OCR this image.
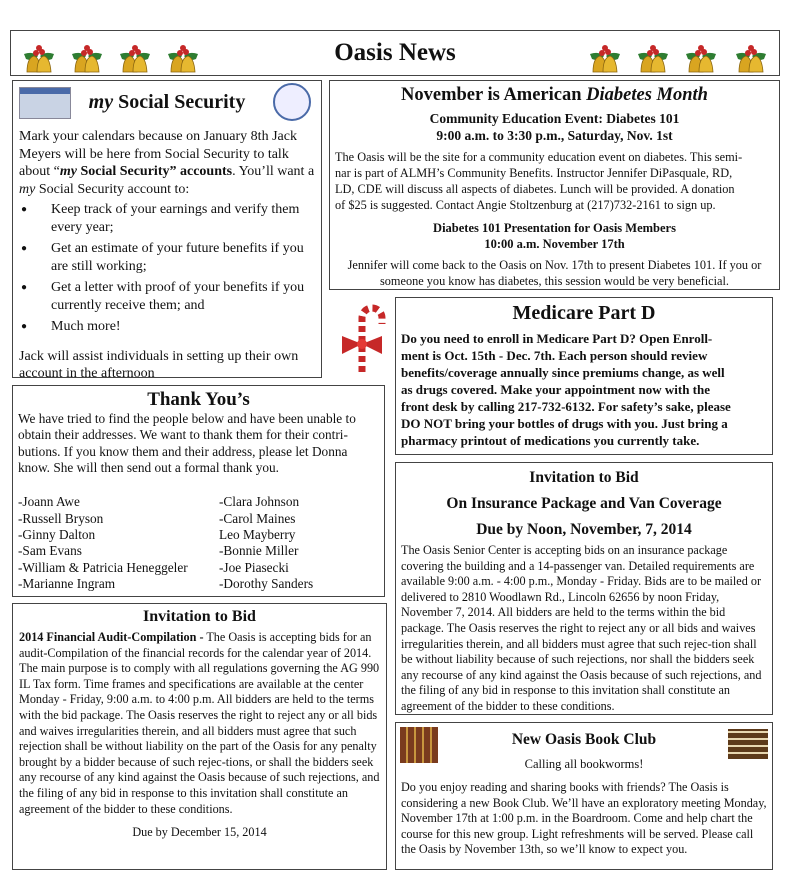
Oasis News
my Social Security

Mark your calendars because on January 8th Jack Meyers will be here from Social Security to talk about “my Social Security” accounts. You’ll want a my Social Security account to:

● Keep track of your earnings and verify them every year;
● Get an estimate of your future benefits if you are still working;
● Get a letter with proof of your benefits if you currently receive them; and
● Much more!

Jack will assist individuals in setting up their own account in the afternoon

November is American Diabetes Month
Community Education Event: Diabetes 101
9:00 a.m. to 3:30 p.m., Saturday, Nov. 1st

The Oasis will be the site for a community education event on diabetes. This semi-
nar is part of ALMH’s Community Benefits. Instructor Jennifer DiPasquale, RD,
LD, CDE will discuss all aspects of diabetes. Lunch will be provided. A donation
of $25 is suggested. Contact Angie Stoltzenburg at (217)732-2161 to sign up.

Diabetes 101 Presentation for Oasis Members
10:00 a.m. November 17th

Jennifer will come back to the Oasis on Nov. 17th to present Diabetes 101. If you or
someone you know has diabetes, this session would be very beneficial.

Medicare Part D

Do you need to enroll in Medicare Part D? Open Enroll-
ment is Oct. 15th - Dec. 7th. Each person should review
benefits/coverage annually since premiums change, as well
as drugs covered. Make your appointment now with the
front desk by calling 217-732-6132. For safety’s sake, please
DO NOT bring your bottles of drugs with you. Just bring a
pharmacy printout of medications you currently take.

Thank You’s

We have tried to find the people below and have been unable to
obtain their addresses. We want to thank them for their contri-
butions. If you know them and their address, please let Donna
know. She will then send out a formal thank you.

-Joann Awe
-Russell Bryson
-Ginny Dalton
-Sam Evans
-William & Patricia Heneggeler
-Marianne Ingram
-Clara Johnson
-Carol Maines
Leo Mayberry
-Bonnie Miller
-Joe Piasecki
-Dorothy Sanders
Invitation to Bid

2014 Financial Audit-Compilation - The Oasis is accepting bids for an audit-Compilation of the financial records for the calendar year of 2014. The main purpose is to comply with all regulations governing the AG 990 IL Tax form. Time frames and specifications are available at the center Monday - Friday, 9:00 a.m. to 4:00 p.m. All bidders are held to the terms with the bid package. The Oasis reserves the right to reject any or all bids and waives irregularities therein, and all bidders must agree that such rejection shall be without liability on the part of the Oasis for any penalty brought by a bidder because of such rejec-tions, or shall the bidders seek any recourse of any kind against the Oasis because of such rejections, and the filing of any bid in response to this invitation shall constitute an agreement of the bidder to these conditions.

Due by December 15, 2014

Invitation to Bid
On Insurance Package and Van Coverage
Due by Noon, November, 7, 2014

The Oasis Senior Center is accepting bids on an insurance package covering the building and a 14-passenger van. Detailed requirements are available 9:00 a.m. - 4:00 p.m., Monday - Friday. Bids are to be mailed or delivered to 2810 Woodlawn Rd., Lincoln 62656 by noon Friday, November 7, 2014. All bidders are held to the terms within the bid package. The Oasis reserves the right to reject any or all bids and waives irregularities therein, and all bidders must agree that such rejec-tion shall be without liability because of such rejections, nor shall the bidders seek any recourse of any kind against the Oasis because of such rejections, and the filing of any bid in response to this invitation shall constitute an agreement of the bidder to these conditions.

New Oasis Book Club

Calling all bookworms!

Do you enjoy reading and sharing books with friends? The Oasis is considering a new Book Club. We’ll have an exploratory meeting Monday, November 17th at 1:00 p.m. in the Boardroom. Come and help chart the course for this new group. Light refreshments will be served. Please call the Oasis by November 13th, so we’ll know to expect you.
